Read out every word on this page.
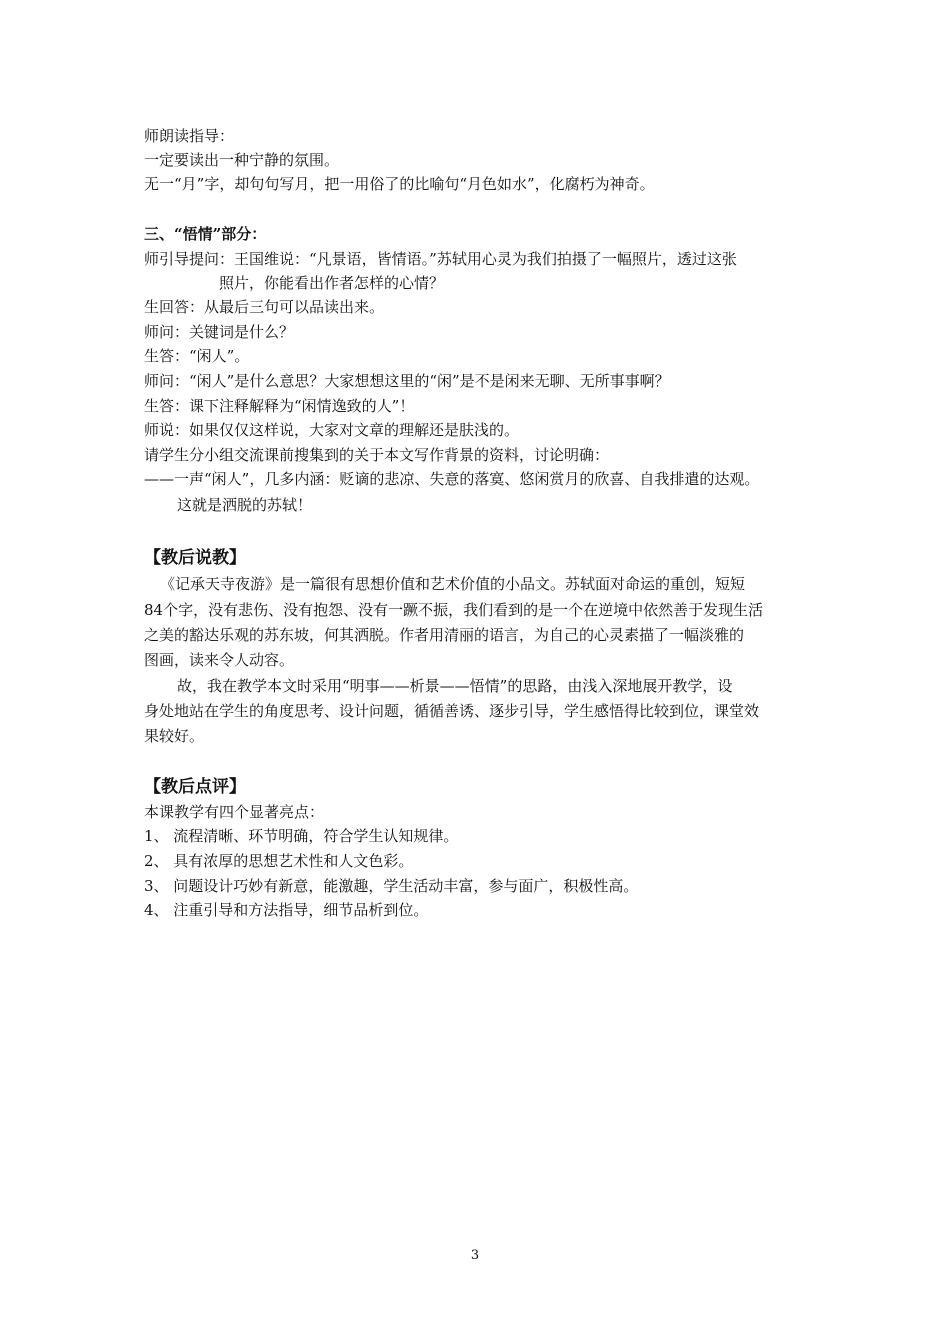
师朗读指导：
一定要读出一种宁静的氛围。
无一“月”字，却句句写月，把一用俗了的比喻句“月色如水”，化腐朽为神奇。
三、“悟情”部分：
师引导提问：王国维说：“凡景语，皆情语。”苏轼用心灵为我们拍摄了一幅照片，透过这张
照片，你能看出作者怎样的心情？
生回答：从最后三句可以品读出来。
师问：关键词是什么？
生答：“闲人”。
师问：“闲人”是什么意思？大家想想这里的“闲”是不是闲来无聊、无所事事啊？
生答：课下注释解释为“闲情逸致的人”！
师说：如果仅仅这样说，大家对文章的理解还是肤浅的。
请学生分小组交流课前搜集到的关于本文写作背景的资料，讨论明确：
——一声“闲人”，几多内涵：贬谪的悲凉、失意的落寞、悠闲赏月的欣喜、自我排遣的达观。
这就是洒脱的苏轼！
【教后说教】
《记承天寺夜游》是一篇很有思想价值和艺术价值的小品文。苏轼面对命运的重创，短短
84个字，没有悲伤、没有抱怨、没有一蹶不振，我们看到的是一个在逆境中依然善于发现生活
之美的豁达乐观的苏东坡，何其洒脱。作者用清丽的语言，为自己的心灵素描了一幅淡雅的
图画，读来令人动容。
故，我在教学本文时采用“明事——析景——悟情”的思路，由浅入深地展开教学，设
身处地站在学生的角度思考、设计问题，循循善诱、逐步引导，学生感悟得比较到位，课堂效
果较好。
【教后点评】
本课教学有四个显著亮点：
1、 流程清晰、环节明确，符合学生认知规律。
2、 具有浓厚的思想艺术性和人文色彩。
3、 问题设计巧妙有新意，能激趣，学生活动丰富，参与面广，积极性高。
4、 注重引导和方法指导，细节品析到位。
3
